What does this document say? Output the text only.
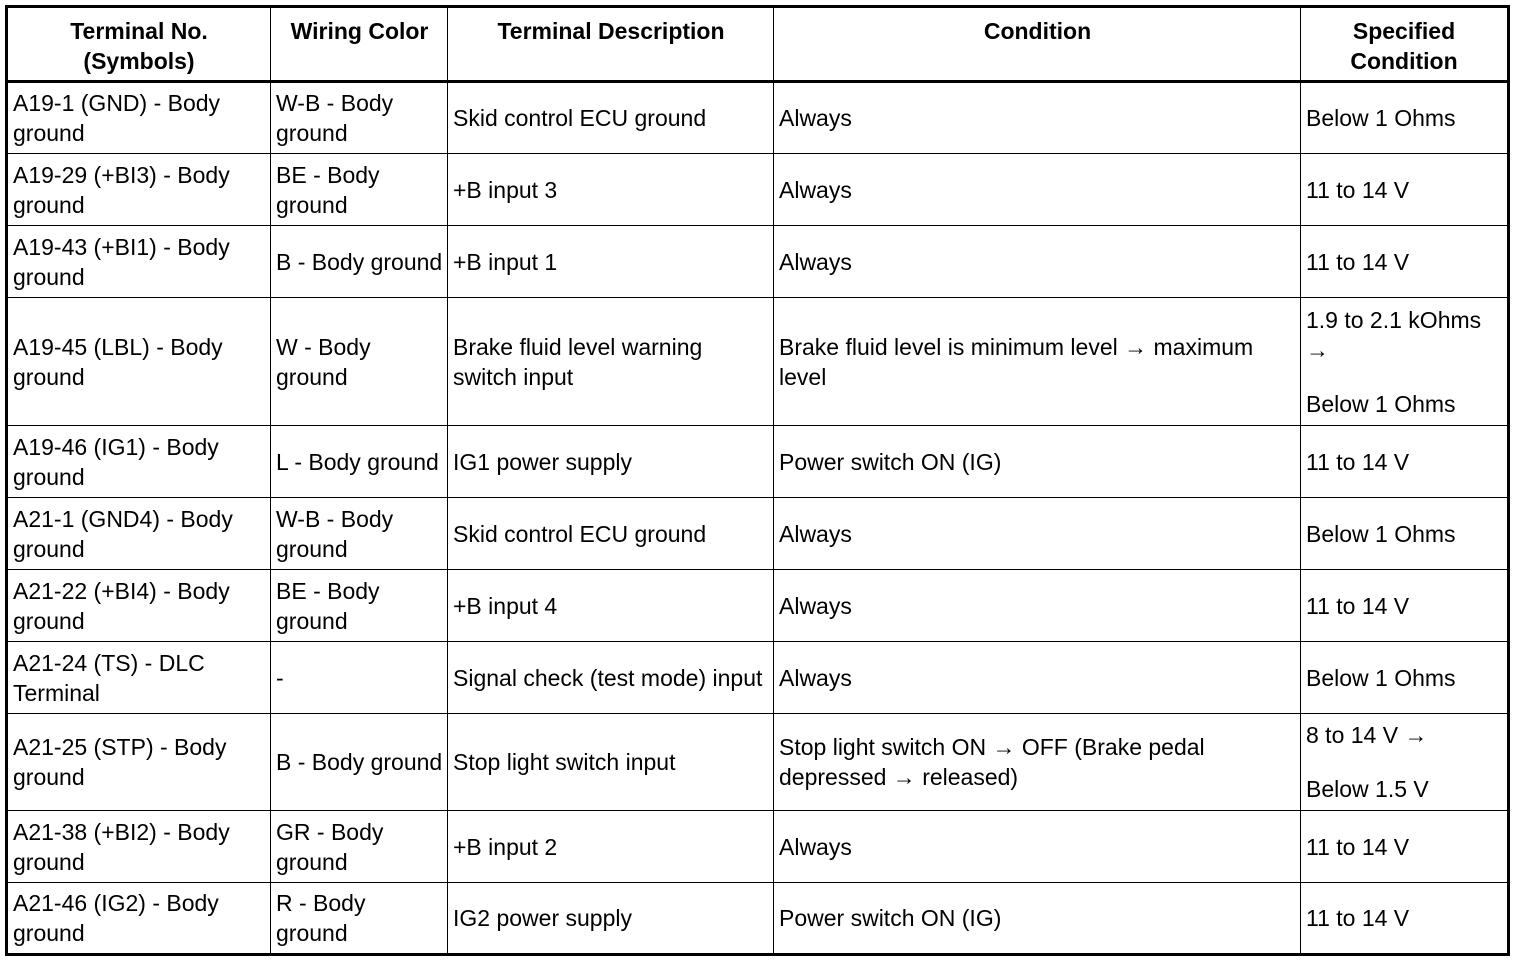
Terminal No. (Symbols)	Wiring Color	Terminal Description	Condition	Specified Condition
A19-1 (GND) - Body ground	W-B - Body ground	Skid control ECU ground	Always	Below 1 Ohms

A19-29 (+BI3) - Body ground	BE - Body ground	+B input 3	Always	11 to 14 V

A19-43 (+BI1) - Body ground	B - Body ground	+B input 1	Always	11 to 14 V

A19-45 (LBL) - Body ground	W - Body ground	Brake fluid level warning switch input	Brake fluid level is minimum level → maximum level	1.9 to 2.1 kOhms →
Below 1 Ohms

A19-46 (IG1) - Body ground	L - Body ground	IG1 power supply	Power switch ON (IG)	11 to 14 V

A21-1 (GND4) - Body ground	W-B - Body ground	Skid control ECU ground	Always	Below 1 Ohms

A21-22 (+BI4) - Body ground	BE - Body ground	+B input 4	Always	11 to 14 V

A21-24 (TS) - DLC Terminal	-	Signal check (test mode) input	Always	Below 1 Ohms

A21-25 (STP) - Body ground	B - Body ground	Stop light switch input	Stop light switch ON → OFF (Brake pedal depressed → released)	8 to 14 V →
Below 1.5 V

A21-38 (+BI2) - Body ground	GR - Body ground	+B input 2	Always	11 to 14 V

A21-46 (IG2) - Body ground	R - Body ground	IG2 power supply	Power switch ON (IG)	11 to 14 V
